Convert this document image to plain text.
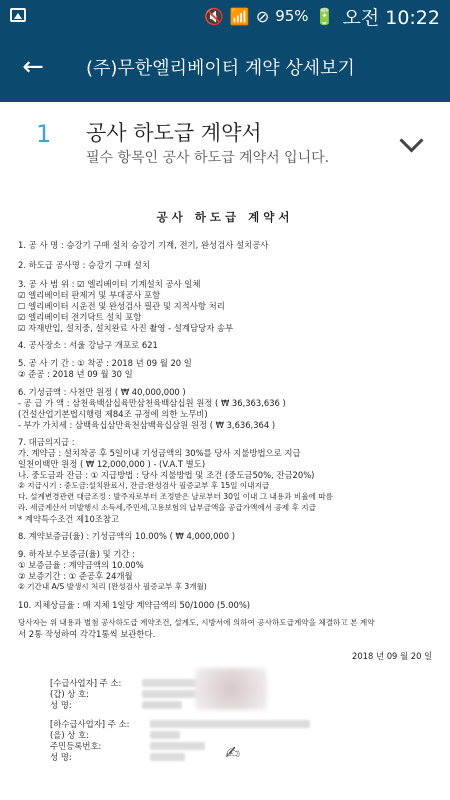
🔇 📶 ⊘ 95% 🔋 오전 10:22
← (주)무한엘리베이터 계약 상세보기
1 공사 하도급 계약서
필수 항목인 공사 하도급 계약서 입니다.
공사 하도급 계약서
1. 공 사 명 : 승강기 구매 설치 승강기 기계, 전기, 완성검사 설치공사
2. 하도급 공사명 : 승강기 구매 설치
3. 공 사 범 위 : ☑ 엘리베이터 기계설치 공사 일체
☑ 엘리베이터 판제거 및 부대공사 포함
☐ 엘리베이터 시운전 및 완성검사 필관 및 지적사항 처리
☑ 엘리베이터 전기닥트 설치 포함
☑ 자재반입, 설치중, 설치완료 사진 촬영 - 설계담당자 송부
4. 공사장소 : 서울 강남구 개포로 621
5. 공 사 기 간 : ① 착공 : 2018 년 09 월 20 일
② 준공 : 2018 년 09 월 30 일
6. 기성금액 : 사천만 원정 ( ₩ 40,000,000 )
- 공 급 가 액 : 삼천육백삼십육만삼천육백삼십원 원정 ( ₩ 36,363,636 )
(건설산업기본법시행령 제84조 규정에 의한 노무비)
- 부가 가치세 : 삼백육십삼만육천삼백육십삼원 원정 ( ₩ 3,636,364 )
7. 대금의지급 :
가. 계약금 : 설치착공 후 5일이내 기성금액의 30%를 당사 지불방법으로 지급
일천이백만 원정 ( ₩ 12,000,000 ) - (V.A.T 별도)
나. 중도금과 잔금 : ① 지급방법 : 당사 지불방법 및 조건 (중도금50%, 잔금20%)
② 지급시기 : 중도금:설치완료시, 잔금:완성검사 필증교부 후 15일 이내지급
다. 설계변경관련 대금조정 : 발주자로부터 조정받은 날로부터 30일 이내 그 내용과 비율에 따름
라. 세금계산서 미발행시 소득세,주민세,고용보험의 납부금액을 공급가액에서 공제 후 지급
* 계약특수조건 제10조참고
8. 계약보증금(율) : 기성금액의 10.00% ( ₩ 4,000,000 )
9. 하자보수보증금(율) 및 기간 :
① 보증금율 : 계약금액의 10.00%
② 보증기간 : ① 준공후 24개월
② 기간내 A/S 발생시 처리 (완성검사 필증교부 후 3개월)
10. 지체상금율 : 매 지체 1일당 계약금액의 50/1000 (5.00%)
당사자는 위 내용과 별첨 공사하도급 계약조건, 설계도, 시방서에 의하여 공사하도급계약을 체결하고 본 계약
서 2통 작성하여 각각1통씩 보관한다.
2018 년 09 월 20 일
[수급사업자] 주 소:
(갑) 상 호:
성 명:
[하수급사업자] 주 소:
(을) 상 호:
주민등록번호:
성 명:	✍
